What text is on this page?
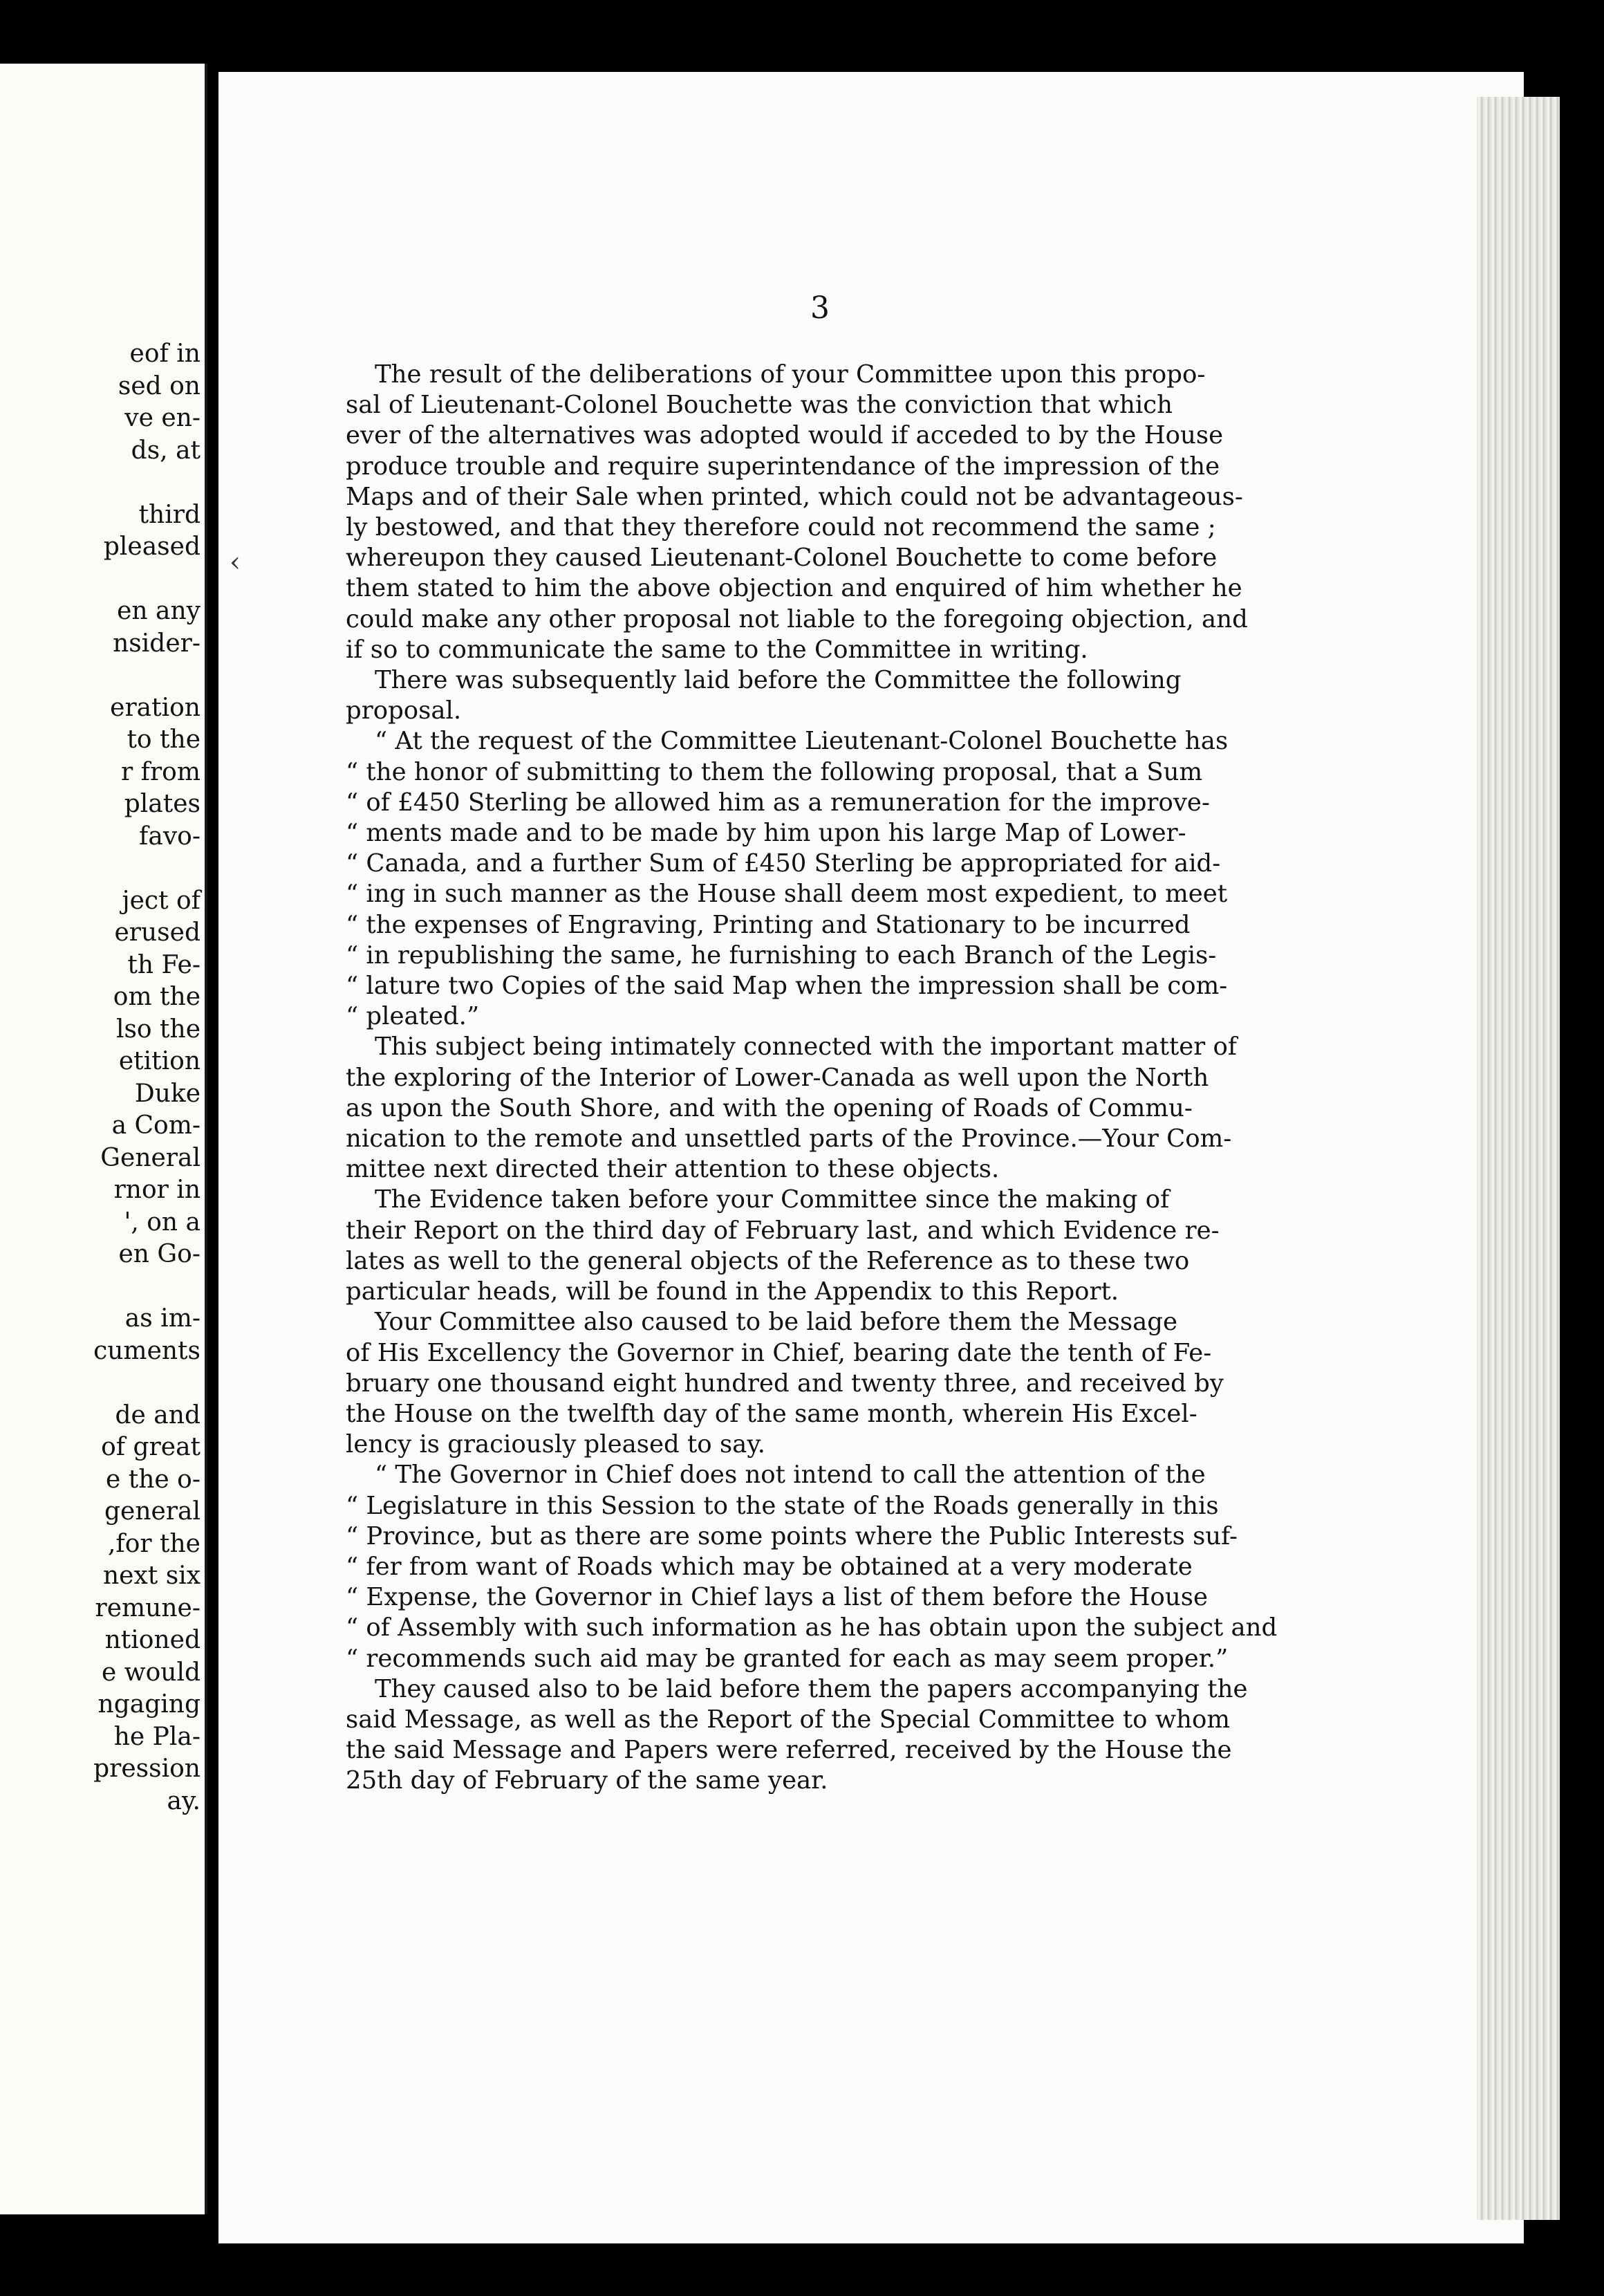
eof in
sed on
ve en-
ds, at
third
pleased
en any
nsider-
eration
to the
r from
plates
favo-
ject of
erused
th Fe-
om the
lso the
etition
Duke
a Com-
General
rnor in
', on a
en Go-
as im-
cuments
de and
of great
e the o-
general
,for the
next six
remune-
ntioned
e would
ngaging
he Pla-
pression
ay.
3
‹
The result of the deliberations of your Committee upon this propo-
sal of Lieutenant-Colonel Bouchette was the conviction that which
ever of the alternatives was adopted would if acceded to by the House
produce trouble and require superintendance of the impression of the
Maps and of their Sale when printed, which could not be advantageous-
ly bestowed, and that they therefore could not recommend the same ;
whereupon they caused Lieutenant-Colonel Bouchette to come before
them stated to him the above objection and enquired of him whether he
could make any other proposal not liable to the foregoing objection, and
if so to communicate the same to the Committee in writing.
There was subsequently laid before the Committee the following
proposal.
“ At the request of the Committee Lieutenant-Colonel Bouchette has
“ the honor of submitting to them the following proposal, that a Sum
“ of £450 Sterling be allowed him as a remuneration for the improve-
“ ments made and to be made by him upon his large Map of Lower-
“ Canada, and a further Sum of £450 Sterling be appropriated for aid-
“ ing in such manner as the House shall deem most expedient, to meet
“ the expenses of Engraving, Printing and Stationary to be incurred
“ in republishing the same, he furnishing to each Branch of the Legis-
“ lature two Copies of the said Map when the impression shall be com-
“ pleated.”
This subject being intimately connected with the important matter of
the exploring of the Interior of Lower-Canada as well upon the North
as upon the South Shore, and with the opening of Roads of Commu-
nication to the remote and unsettled parts of the Province.—Your Com-
mittee next directed their attention to these objects.
The Evidence taken before your Committee since the making of
their Report on the third day of February last, and which Evidence re-
lates as well to the general objects of the Reference as to these two
particular heads, will be found in the Appendix to this Report.
Your Committee also caused to be laid before them the Message
of His Excellency the Governor in Chief, bearing date the tenth of Fe-
bruary one thousand eight hundred and twenty three, and received by
the House on the twelfth day of the same month, wherein His Excel-
lency is graciously pleased to say.
“ The Governor in Chief does not intend to call the attention of the
“ Legislature in this Session to the state of the Roads generally in this
“ Province, but as there are some points where the Public Interests suf-
“ fer from want of Roads which may be obtained at a very moderate
“ Expense, the Governor in Chief lays a list of them before the House
“ of Assembly with such information as he has obtain upon the subject and
“ recommends such aid may be granted for each as may seem proper.”
They caused also to be laid before them the papers accompanying the
said Message, as well as the Report of the Special Committee to whom
the said Message and Papers were referred, received by the House the
25th day of February of the same year.
